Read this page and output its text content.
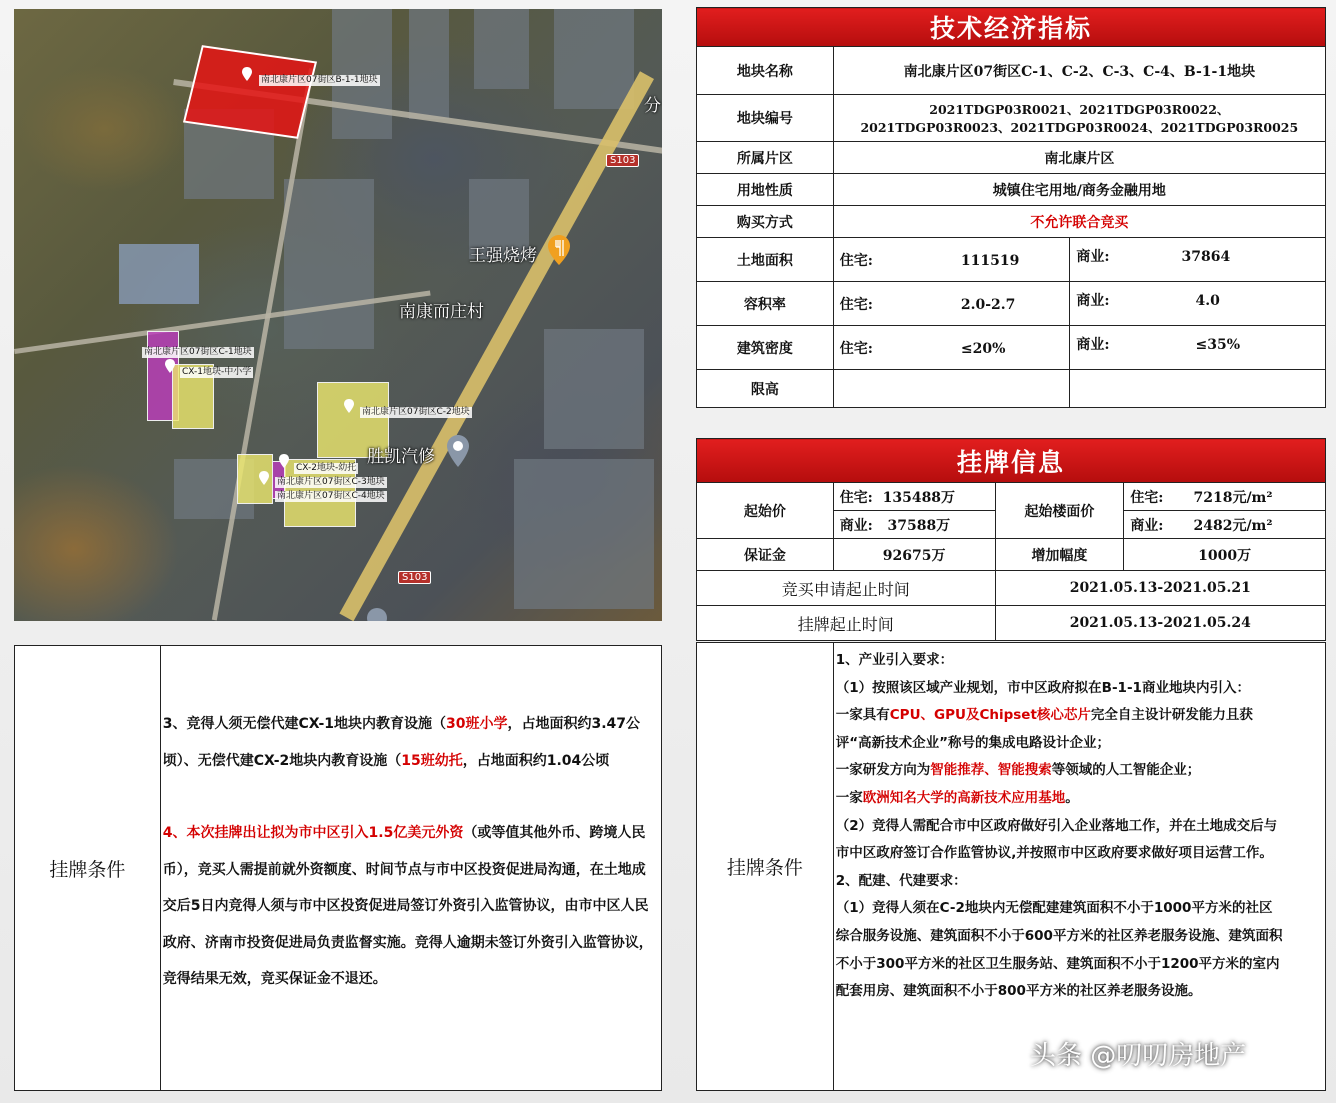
南北康片区07街区B-1-1地块
南北康片区07街区C-1地块
CX-1地块-中小学
南北康片区07街区C-2地块
CX-2地块-幼托
南北康片区07街区C-3地块
南北康片区07街区C-4地块
王强烧烤
南康而庄村
胜凯汽修
分
S103
S103
技术经济指标		
地块名称	南北康片区07街区C-1、C-2、C-3、C-4、B-1-1地块	
地块编号	2021TDGP03R0021、2021TDGP03R0022、
2021TDGP03R0023、2021TDGP03R0024、2021TDGP03R0025	

所属片区	南北康片区	
用地性质	城镇住宅用地/商务金融用地	
购买方式	不允许联合竞买	
土地面积	住宅: 111519	商业: 37864
容积率	住宅: 2.0-2.7	商业: 4.0
建筑密度	住宅: ≤20%	商业: ≤35%
限高		
挂牌信息			
起始价	住宅:  135488万	起始楼面价	住宅: 7218元/m²
	商业:   37588万		商业: 2482元/m²
保证金	92675万	增加幅度	1000万
竞买申请起止时间		2021.05.13-2021.05.21	
挂牌起止时间		2021.05.13-2021.05.24	
挂牌条件	

3、竞得人须无偿代建CX-1地块内教育设施（30班小学，占地面积约3.47公顷）、无偿代建CX-2地块内教育设施（15班幼托，占地面积约1.04公顷

4、本次挂牌出让拟为市中区引入1.5亿美元外资（或等值其他外币、跨境人民币），竞买人需提前就外资额度、时间节点与市中区投资促进局沟通，在土地成交后5日内竞得人须与市中区投资促进局签订外资引入监管协议，由市中区人民政府、济南市投资促进局负责监督实施。竞得人逾期未签订外资引入监管协议，竞得结果无效，竞买保证金不退还。

挂牌条件	

1、产业引入要求：

（1）按照该区域产业规划，市中区政府拟在B-1-1商业地块内引入：

一家具有CPU、GPU及Chipset核心芯片完全自主设计研发能力且获评“高新技术企业”称号的集成电路设计企业；

一家研发方向为智能推荐、智能搜索等领域的人工智能企业；

一家欧洲知名大学的高新技术应用基地。

（2）竞得人需配合市中区政府做好引入企业落地工作，并在土地成交后与市中区政府签订合作监管协议,并按照市中区政府要求做好项目运营工作。

2、配建、代建要求：

（1）竞得人须在C-2地块内无偿配建建筑面积不小于1000平方米的社区综合服务设施、建筑面积不小于600平方米的社区养老服务设施、建筑面积不小于300平方米的社区卫生服务站、建筑面积不小于1200平方米的室内配套用房、建筑面积不小于800平方米的社区养老服务设施。

头条 @叨叨房地产
